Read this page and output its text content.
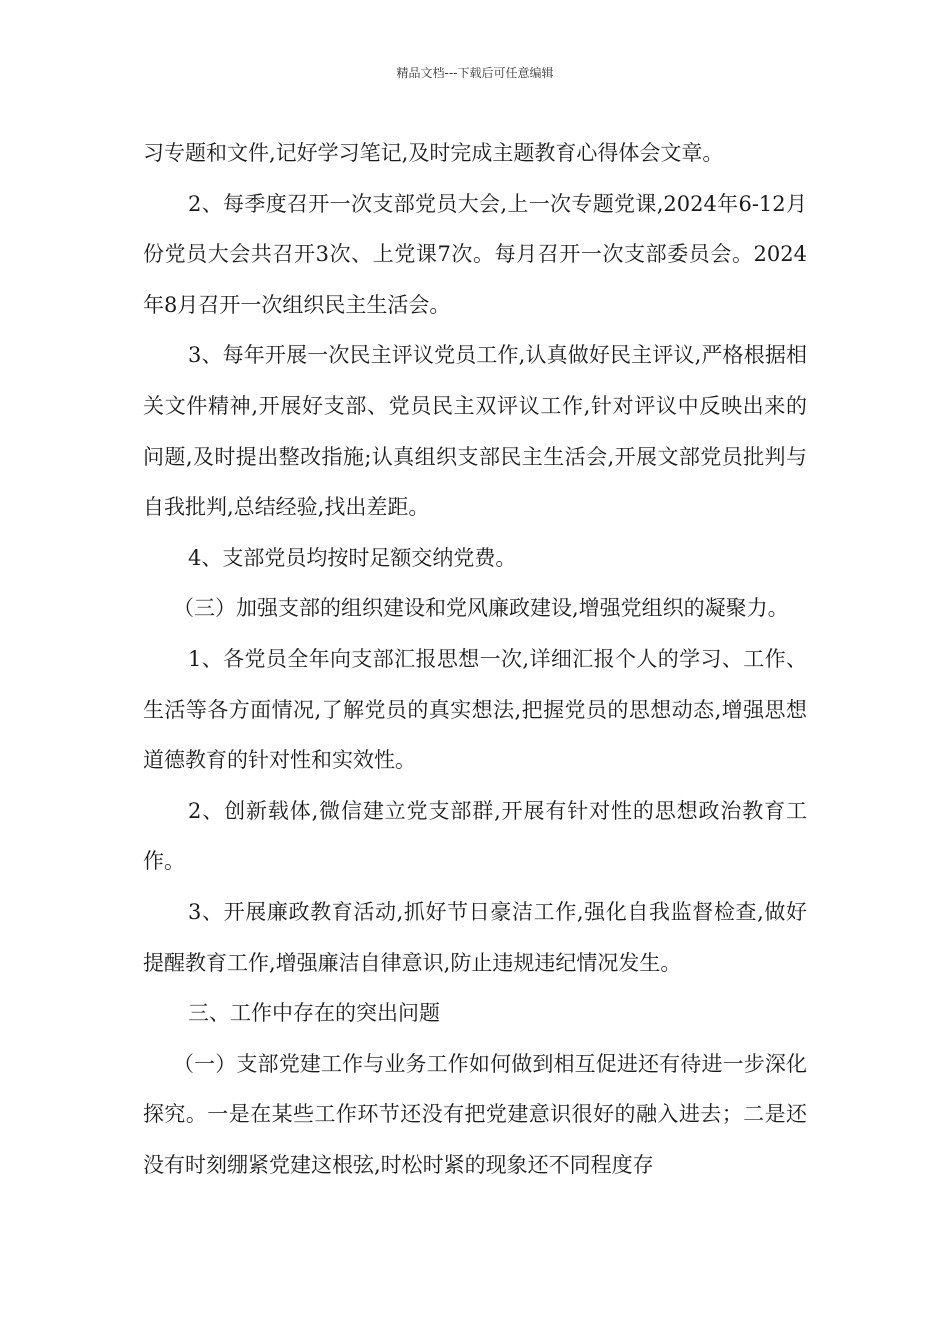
精品文档---下载后可任意编辑

习专题和文件,记好学习笔记,及时完成主题教育心得体会文章。

2、每季度召开一次支部党员大会,上一次专题党课,2024年6-12月份党员大会共召开3次、上党课7次。每月召开一次支部委员会。2024年8月召开一次组织民主生活会。

3、每年开展一次民主评议党员工作,认真做好民主评议,严格根据相关文件精神,开展好支部、党员民主双评议工作,针对评议中反映出来的问题,及时提出整改指施;认真组织支部民主生活会,开展文部党员批判与自我批判,总结经验,找出差距。

4、支部党员均按时足额交纳党费。

（三）加强支部的组织建设和党风廉政建设,增强党组织的凝聚力。

1、各党员全年向支部汇报思想一次,详细汇报个人的学习、工作、生活等各方面情况,了解党员的真实想法,把握党员的思想动态,增强思想道德教育的针对性和实效性。

2、创新载体,微信建立党支部群,开展有针对性的思想政治教育工作。

3、开展廉政教育活动,抓好节日豪洁工作,强化自我监督检查,做好提醒教育工作,增强廉洁自律意识,防止违规违纪情况发生。

三、工作中存在的突出问题

（一）支部党建工作与业务工作如何做到相互促进还有待进一步深化探究。一是在某些工作环节还没有把党建意识很好的融入进去；二是还没有时刻绷紧党建这根弦,时松时紧的现象还不同程度存
